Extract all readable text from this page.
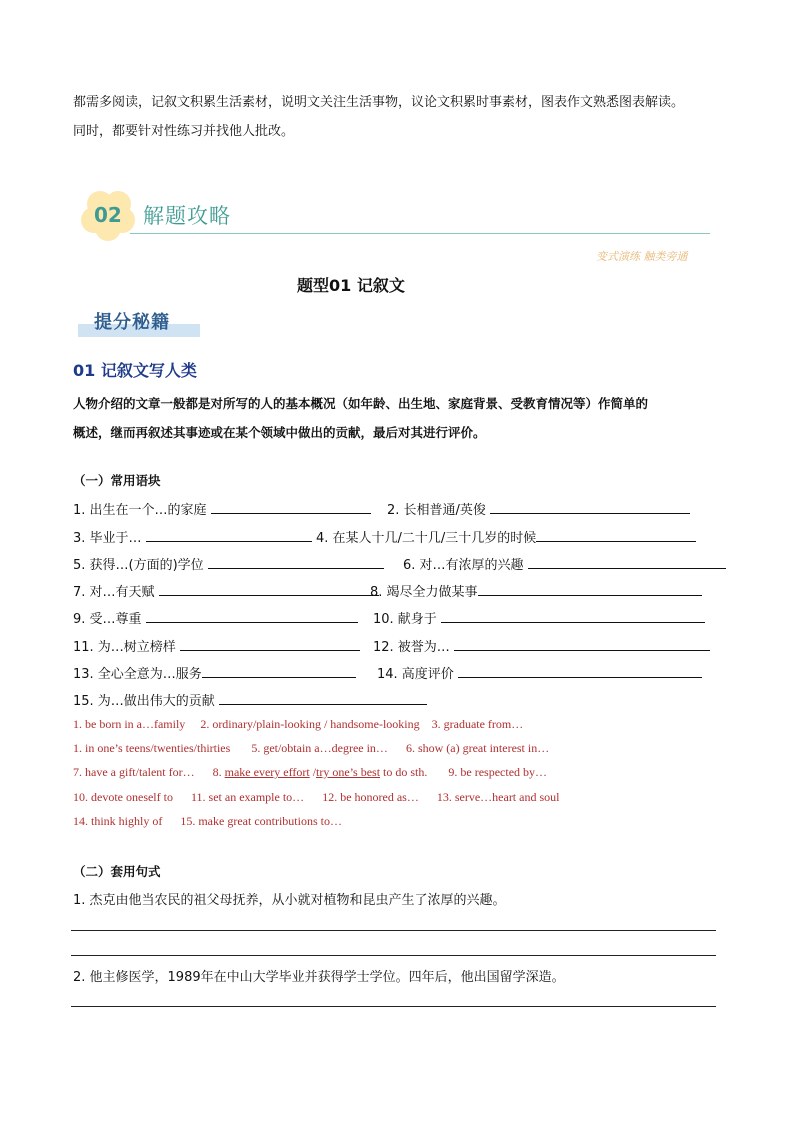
都需多阅读，记叙文积累生活素材，说明文关注生活事物，议论文积累时事素材，图表作文熟悉图表解读。
同时，都要针对性练习并找他人批改。
02 解题攻略
变式演练 触类旁通
题型01 记叙文
提分秘籍
01 记叙文写人类
人物介绍的文章一般都是对所写的人的基本概况（如年龄、出生地、家庭背景、受教育情况等）作简单的
概述，继而再叙述其事迹或在某个领域中做出的贡献，最后对其进行评价。
（一）常用语块
1. 出生在一个…的家庭	2. 长相普通/英俊
3. 毕业于…	4. 在某人十几/二十几/三十几岁的时候
5. 获得…(方面的)学位	6. 对…有浓厚的兴趣
7. 对…有天赋	8. 竭尽全力做某事
9. 受…尊重	10. 献身于
11. 为…树立榜样	12. 被誉为…
13. 全心全意为…服务	14. 高度评价
15. 为…做出伟大的贡献
1. be born in a…family 2. ordinary/plain-looking / handsome-looking 3. graduate from…
1. in one’s teens/twenties/thirties 5. get/obtain a…degree in… 6. show (a) great interest in…
7. have a gift/talent for… 8. make every effort /try one’s best to do sth. 9. be respected by…
10. devote oneself to 11. set an example to… 12. be honored as… 13. serve…heart and soul
14. think highly of 15. make great contributions to…
（二）套用句式
1. 杰克由他当农民的祖父母抚养，从小就对植物和昆虫产生了浓厚的兴趣。
2. 他主修医学，1989年在中山大学毕业并获得学士学位。四年后，他出国留学深造。
